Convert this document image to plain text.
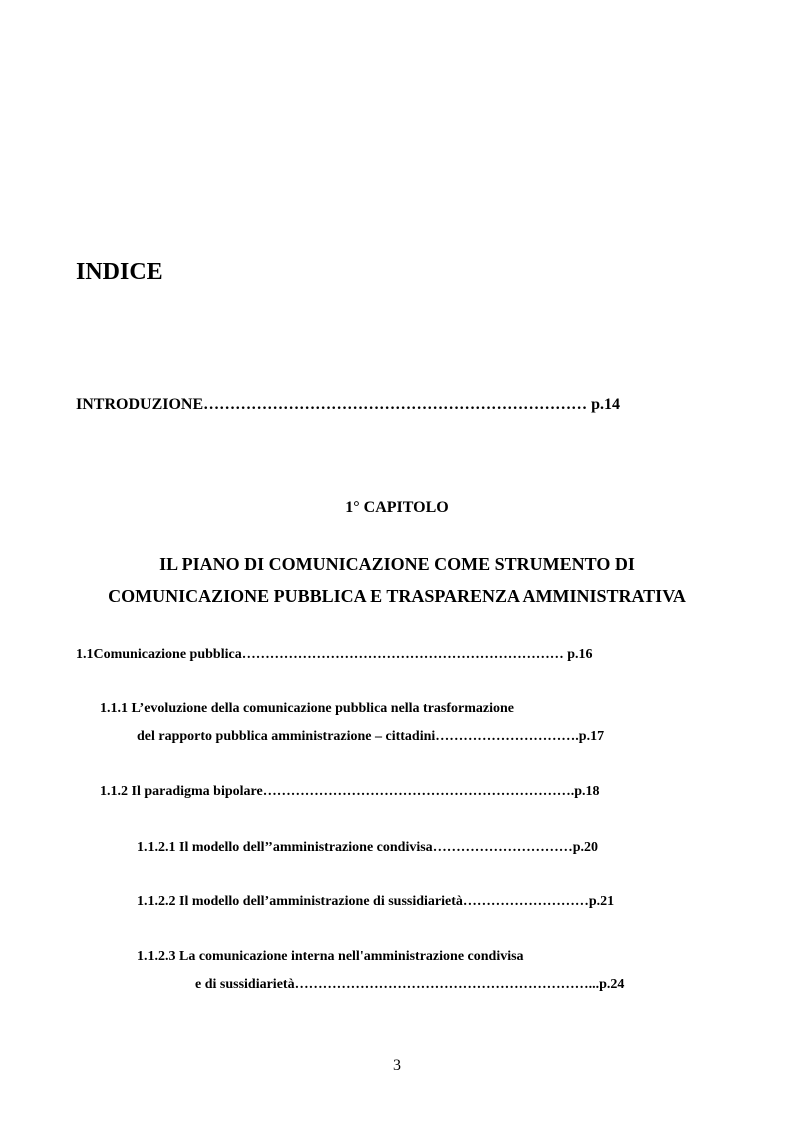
INDICE
INTRODUZIONE……………………………………………………………… p.14
1° CAPITOLO
IL PIANO DI COMUNICAZIONE COME STRUMENTO DI
COMUNICAZIONE PUBBLICA E TRASPARENZA AMMINISTRATIVA
1.1Comunicazione pubblica…………………………………………………………… p.16
1.1.1 L’evoluzione della comunicazione pubblica nella trasformazione
del rapporto pubblica amministrazione – cittadini………………………….p.17
1.1.2 Il paradigma bipolare………………………………………………………….p.18
1.1.2.1 Il modello dell’’amministrazione condivisa…………………………p.20
1.1.2.2 Il modello dell’amministrazione di sussidiarietà………………………p.21
1.1.2.3 La comunicazione interna nell'amministrazione condivisa
e di sussidiarietà………………………………………………………...p.24
3
